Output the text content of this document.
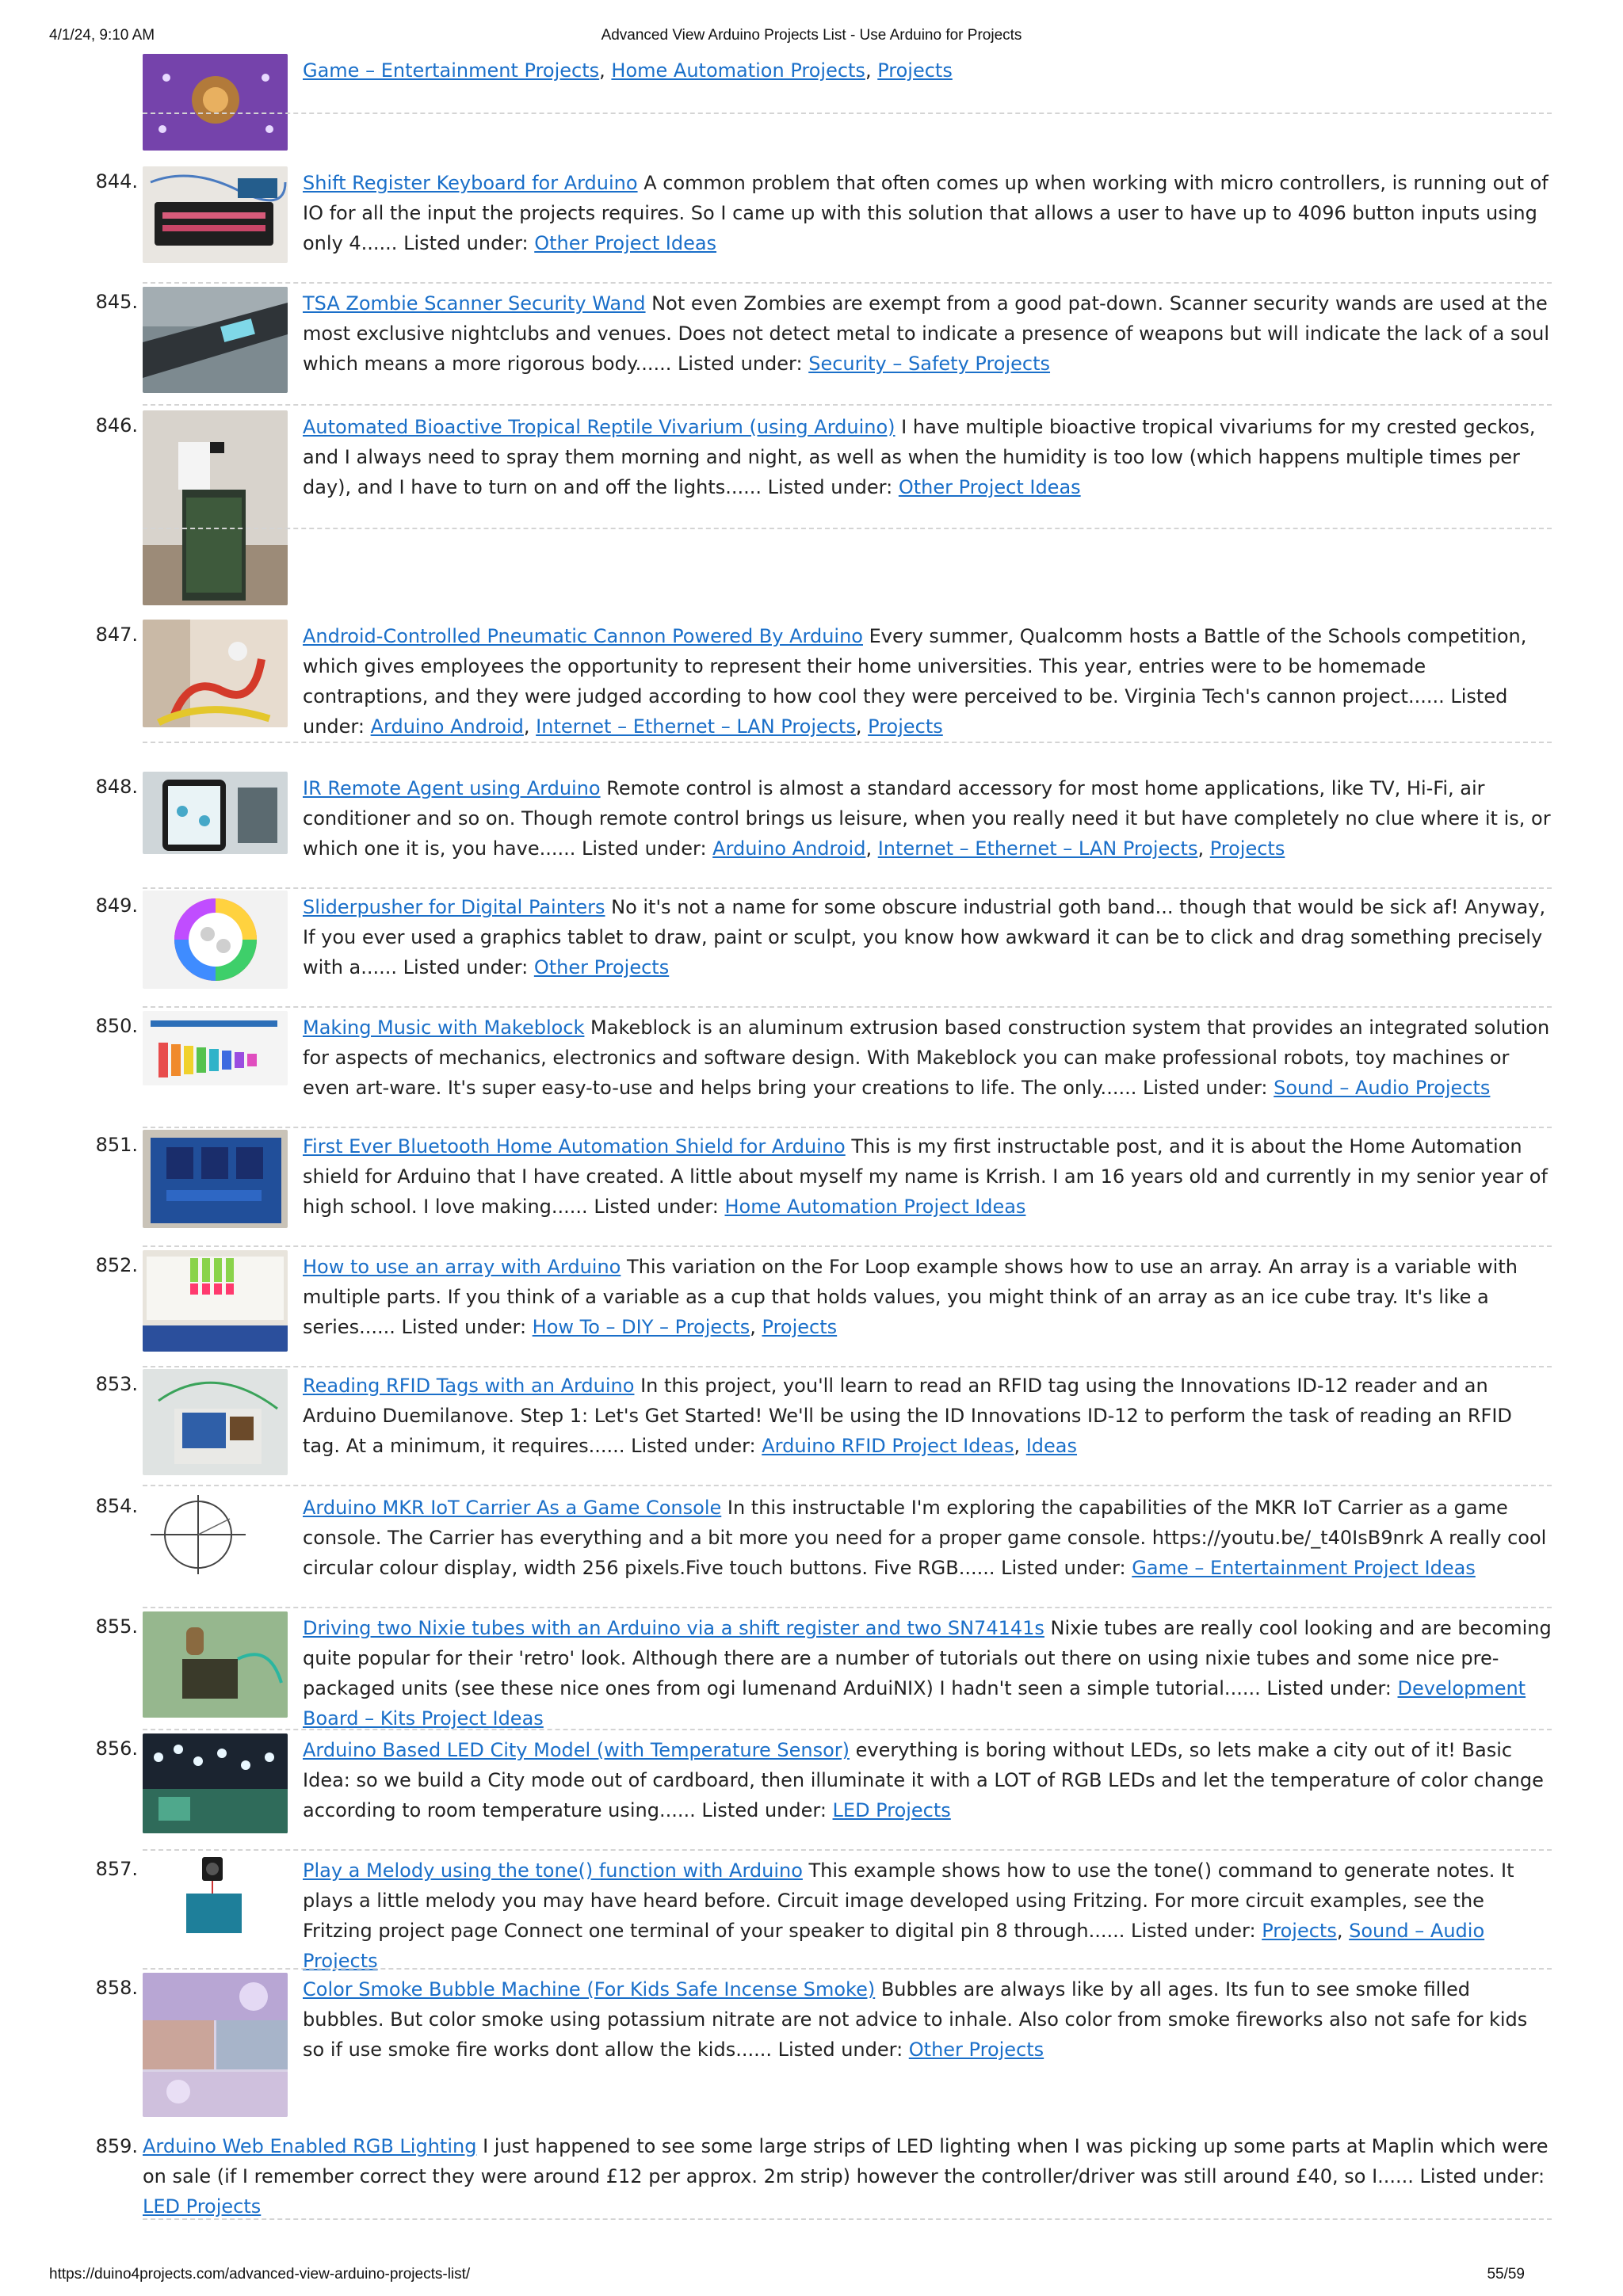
4/1/24, 9:10 AM	Advanced View Arduino Projects List - Use Arduino for Projects
Game – Entertainment Projects, Home Automation Projects, Projects
844.	Shift Register Keyboard for Arduino A common problem that often comes up when working with micro controllers, is running out of IO for all the input the projects requires. So I came up with this solution that allows a user to have up to 4096 button inputs using only 4...... Listed under: Other Project Ideas
845.	TSA Zombie Scanner Security Wand Not even Zombies are exempt from a good pat-down. Scanner security wands are used at the most exclusive nightclubs and venues. Does not detect metal to indicate a presence of weapons but will indicate the lack of a soul which means a more rigorous body...... Listed under: Security – Safety Projects
846.	Automated Bioactive Tropical Reptile Vivarium (using Arduino) I have multiple bioactive tropical vivariums for my crested geckos, and I always need to spray them morning and night, as well as when the humidity is too low (which happens multiple times per day), and I have to turn on and off the lights...... Listed under: Other Project Ideas
847.	Android-Controlled Pneumatic Cannon Powered By Arduino Every summer, Qualcomm hosts a Battle of the Schools competition, which gives employees the opportunity to represent their home universities. This year, entries were to be homemade contraptions, and they were judged according to how cool they were perceived to be. Virginia Tech's cannon project...... Listed under: Arduino Android, Internet – Ethernet – LAN Projects, Projects
848.	IR Remote Agent using Arduino Remote control is almost a standard accessory for most home applications, like TV, Hi-Fi, air conditioner and so on. Though remote control brings us leisure, when you really need it but have completely no clue where it is, or which one it is, you have...... Listed under: Arduino Android, Internet – Ethernet – LAN Projects, Projects
849.	Sliderpusher for Digital Painters No it's not a name for some obscure industrial goth band... though that would be sick af! Anyway, If you ever used a graphics tablet to draw, paint or sculpt, you know how awkward it can be to click and drag something precisely with a...... Listed under: Other Projects
850.	Making Music with Makeblock Makeblock is an aluminum extrusion based construction system that provides an integrated solution for aspects of mechanics, electronics and software design. With Makeblock you can make professional robots, toy machines or even art-ware. It's super easy-to-use and helps bring your creations to life. The only...... Listed under: Sound – Audio Projects
851.	First Ever Bluetooth Home Automation Shield for Arduino This is my first instructable post, and it is about the Home Automation shield for Arduino that I have created. A little about myself my name is Krrish. I am 16 years old and currently in my senior year of high school. I love making...... Listed under: Home Automation Project Ideas
852.	How to use an array with Arduino This variation on the For Loop example shows how to use an array. An array is a variable with multiple parts. If you think of a variable as a cup that holds values, you might think of an array as an ice cube tray. It's like a series...... Listed under: How To – DIY – Projects, Projects
853.	Reading RFID Tags with an Arduino In this project, you'll learn to read an RFID tag using the Innovations ID-12 reader and an Arduino Duemilanove. Step 1: Let's Get Started! We'll be using the ID Innovations ID-12 to perform the task of reading an RFID tag. At a minimum, it requires...... Listed under: Arduino RFID Project Ideas, Ideas
854.	Arduino MKR IoT Carrier As a Game Console In this instructable I'm exploring the capabilities of the MKR IoT Carrier as a game console. The Carrier has everything and a bit more you need for a proper game console. https://youtu.be/_t40IsB9nrk A really cool circular colour display, width 256 pixels.Five touch buttons. Five RGB...... Listed under: Game – Entertainment Project Ideas
855.	Driving two Nixie tubes with an Arduino via a shift register and two SN74141s Nixie tubes are really cool looking and are becoming quite popular for their 'retro' look. Although there are a number of tutorials out there on using nixie tubes and some nice pre-packaged units (see these nice ones from ogi lumenand ArduiNIX) I hadn't seen a simple tutorial...... Listed under: Development Board – Kits Project Ideas
856.	Arduino Based LED City Model (with Temperature Sensor) everything is boring without LEDs, so lets make a city out of it! Basic Idea: so we build a City mode out of cardboard, then illuminate it with a LOT of RGB LEDs and let the temperature of color change according to room temperature using...... Listed under: LED Projects
857.	Play a Melody using the tone() function with Arduino This example shows how to use the tone() command to generate notes. It plays a little melody you may have heard before. Circuit image developed using Fritzing. For more circuit examples, see the Fritzing project page Connect one terminal of your speaker to digital pin 8 through...... Listed under: Projects, Sound – Audio Projects
858.	Color Smoke Bubble Machine (For Kids Safe Incense Smoke) Bubbles are always like by all ages. Its fun to see smoke filled bubbles. But color smoke using potassium nitrate are not advice to inhale. Also color from smoke fireworks also not safe for kids so if use smoke fire works dont allow the kids...... Listed under: Other Projects
859. Arduino Web Enabled RGB Lighting I just happened to see some large strips of LED lighting when I was picking up some parts at Maplin which were on sale (if I remember correct they were around £12 per approx. 2m strip) however the controller/driver was still around £40, so I...... Listed under: LED Projects
https://duino4projects.com/advanced-view-arduino-projects-list/	55/59
